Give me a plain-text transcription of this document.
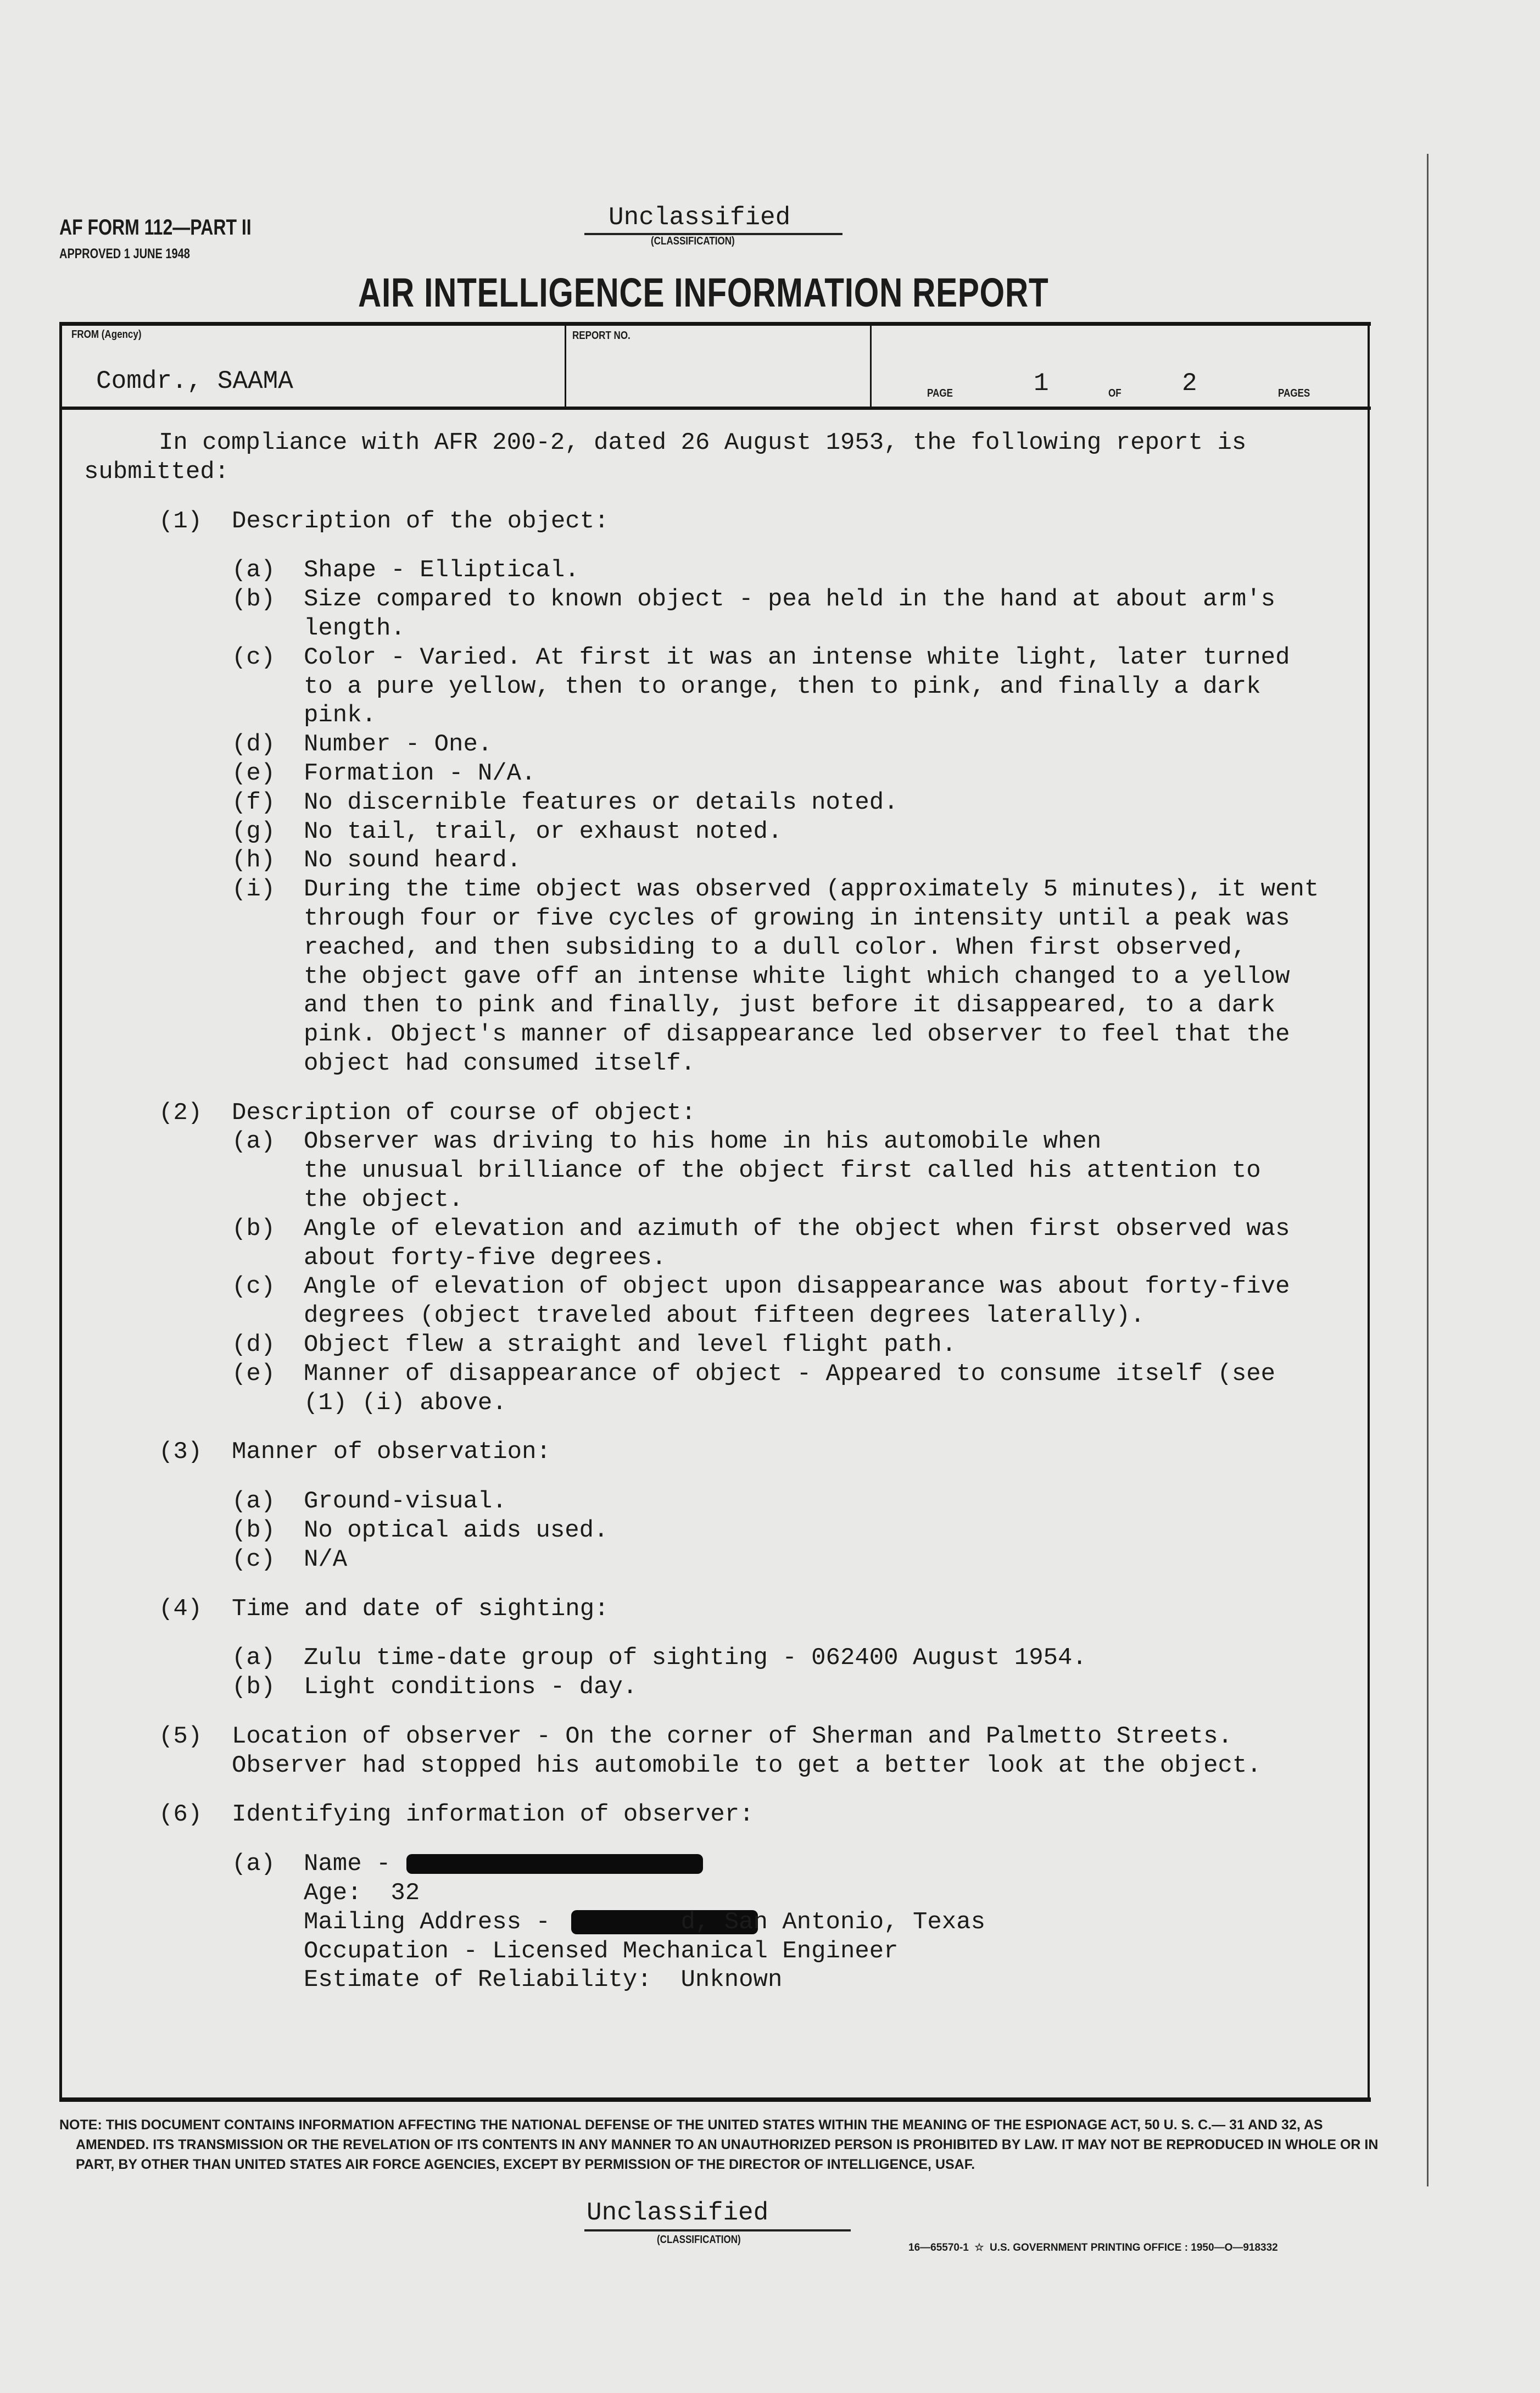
AF FORM 112—PART II
APPROVED 1 JUNE 1948
Unclassified
(CLASSIFICATION)
AIR INTELLIGENCE INFORMATION REPORT
FROM (Agency)
Comdr., SAAMA
REPORT NO.
PAGE	1	OF 2	PAGES
In compliance with AFR 200-2, dated 26 August 1953, the following report is
submitted:
(1) Description of the object:
(a) Shape - Elliptical.
(b) Size compared to known object - pea held in the hand at about arm's
length.
(c) Color - Varied. At first it was an intense white light, later turned
to a pure yellow, then to orange, then to pink, and finally a dark
pink.
(d) Number - One.
(e) Formation - N/A.
(f) No discernible features or details noted.
(g) No tail, trail, or exhaust noted.
(h) No sound heard.
(i) During the time object was observed (approximately 5 minutes), it went
through four or five cycles of growing in intensity until a peak was
reached, and then subsiding to a dull color. When first observed,
the object gave off an intense white light which changed to a yellow
and then to pink and finally, just before it disappeared, to a dark
pink. Object's manner of disappearance led observer to feel that the
object had consumed itself.
(2) Description of course of object:
(a) Observer was driving to his home in his automobile when
the unusual brilliance of the object first called his attention to
the object.
(b) Angle of elevation and azimuth of the object when first observed was
about forty-five degrees.
(c) Angle of elevation of object upon disappearance was about forty-five
degrees (object traveled about fifteen degrees laterally).
(d) Object flew a straight and level flight path.
(e) Manner of disappearance of object - Appeared to consume itself (see
(1) (i) above.
(3) Manner of observation:
(a) Ground-visual.
(b) No optical aids used.
(c) N/A
(4) Time and date of sighting:
(a) Zulu time-date group of sighting - 062400 August 1954.
(b) Light conditions - day.
(5) Location of observer - On the corner of Sherman and Palmetto Streets.
Observer had stopped his automobile to get a better look at the object.
(6) Identifying information of observer:
(a) Name -
Age:  32
Mailing Address -         d, San Antonio, Texas
Occupation - Licensed Mechanical Engineer
Estimate of Reliability:  Unknown
NOTE: THIS DOCUMENT CONTAINS INFORMATION AFFECTING THE NATIONAL DEFENSE OF THE UNITED STATES WITHIN THE MEANING OF THE ESPIONAGE ACT, 50 U. S. C.— 31 AND 32, AS AMENDED. ITS TRANSMISSION OR THE REVELATION OF ITS CONTENTS IN ANY MANNER TO AN UNAUTHORIZED PERSON IS PROHIBITED BY LAW. IT MAY NOT BE REPRODUCED IN WHOLE OR IN PART, BY OTHER THAN UNITED STATES AIR FORCE AGENCIES, EXCEPT BY PERMISSION OF THE DIRECTOR OF INTELLIGENCE, USAF.
Unclassified
(CLASSIFICATION)
16—65570-1  ☆  U.S. GOVERNMENT PRINTING OFFICE : 1950—O—918332
